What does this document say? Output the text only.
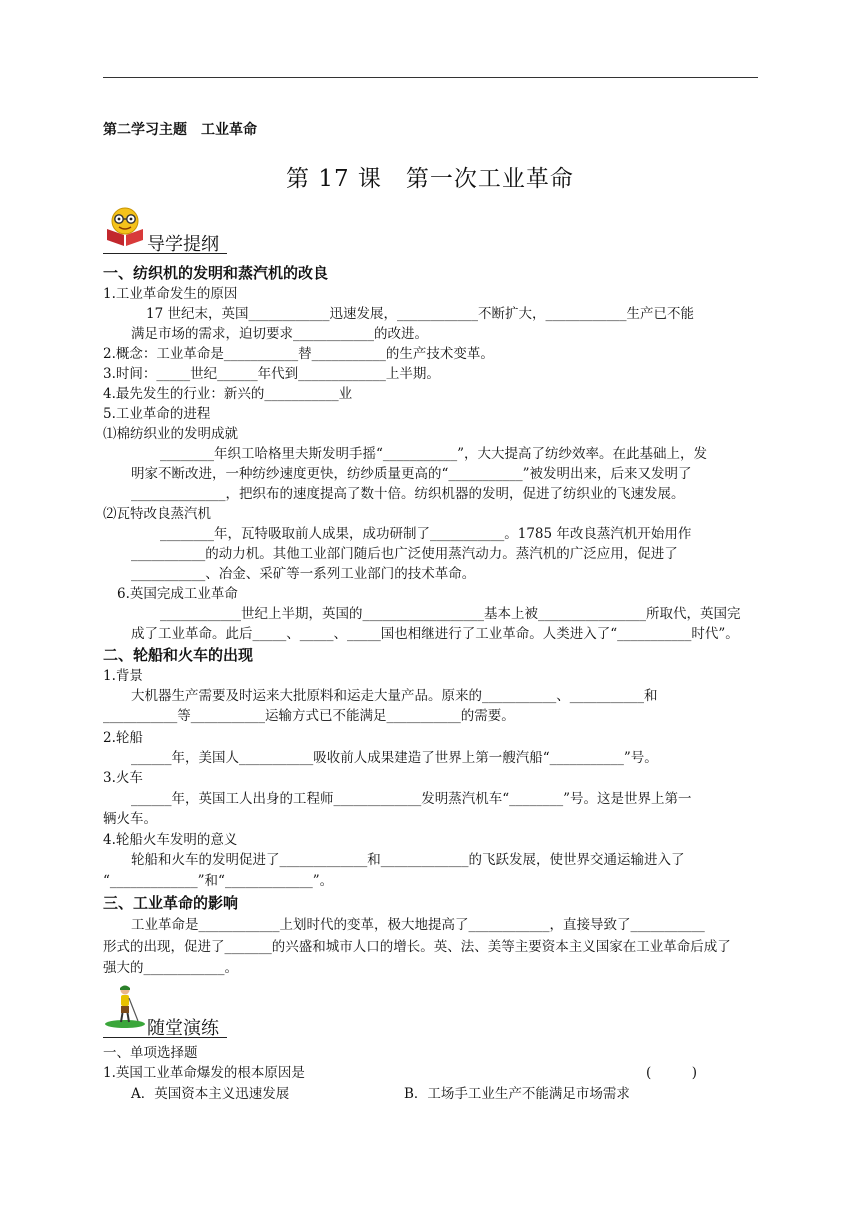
第二学习主题　工业革命
第 17 课　第一次工业革命
导学提纲
一、纺织机的发明和蒸汽机的改良
1.工业革命发生的原因
17 世纪末，英国____________迅速发展，____________不断扩大，____________生产已不能
满足市场的需求，迫切要求____________的改进。
2.概念：工业革命是___________替___________的生产技术变革。
3.时间：_____世纪______年代到_____________上半期。
4.最先发生的行业：新兴的___________业
5.工业革命的进程
⑴棉纺织业的发明成就
________年织工哈格里夫斯发明手摇“___________”，大大提高了纺纱效率。在此基础上，发
明家不断改进，一种纺纱速度更快，纺纱质量更高的“___________”被发明出来，后来又发明了
______________，把织布的速度提高了数十倍。纺织机器的发明，促进了纺织业的飞速发展。
⑵瓦特改良蒸汽机
________年，瓦特吸取前人成果，成功研制了___________。1785 年改良蒸汽机开始用作
___________的动力机。其他工业部门随后也广泛使用蒸汽动力。蒸汽机的广泛应用，促进了
___________、冶金、采矿等一系列工业部门的技术革命。
6.英国完成工业革命
____________世纪上半期，英国的__________________基本上被________________所取代，英国完
成了工业革命。此后_____、_____、_____国也相继进行了工业革命。人类进入了“___________时代”。
二、轮船和火车的出现
1.背景
大机器生产需要及时运来大批原料和运走大量产品。原来的___________、___________和
___________等___________运输方式已不能满足___________的需要。
2.轮船
______年，美国人___________吸收前人成果建造了世界上第一艘汽船“___________”号。
3.火车
______年，英国工人出身的工程师_____________发明蒸汽机车“________”号。这是世界上第一
辆火车。
4.轮船火车发明的意义
轮船和火车的发明促进了_____________和_____________的飞跃发展，使世界交通运输进入了
“_____________”和“_____________”。
三、工业革命的影响
工业革命是____________上划时代的变革，极大地提高了____________，直接导致了___________
形式的出现，促进了_______的兴盛和城市人口的增长。英、法、美等主要资本主义国家在工业革命后成了
强大的____________。
随堂演练
一、单项选择题
1.英国工业革命爆发的根本原因是	(　　　)
A．英国资本主义迅速发展	B．工场手工业生产不能满足市场需求
